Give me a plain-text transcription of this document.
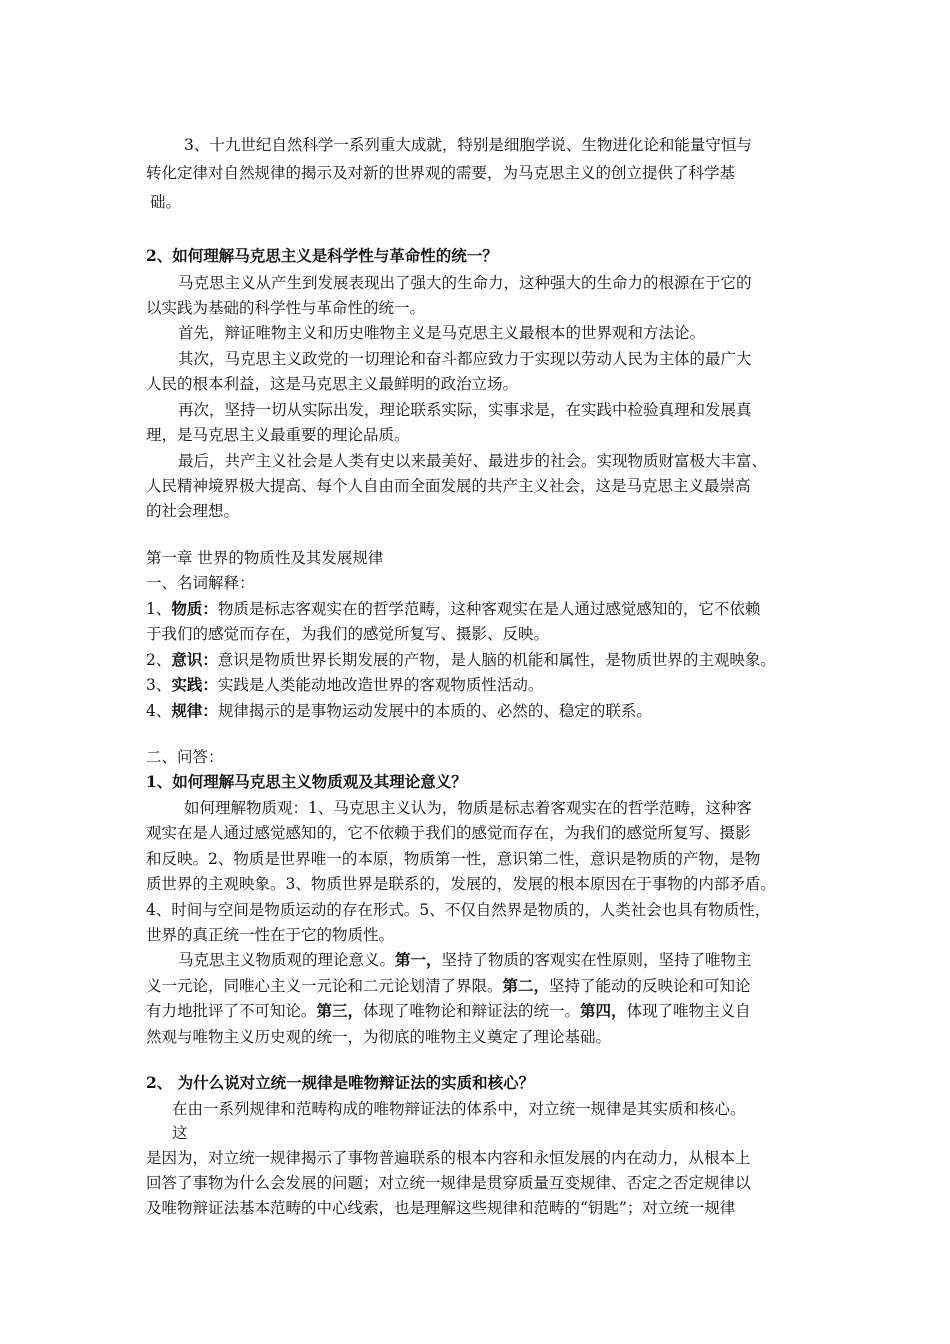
3、十九世纪自然科学一系列重大成就，特别是细胞学说、生物进化论和能量守恒与
转化定律对自然规律的揭示及对新的世界观的需要，为马克思主义的创立提供了科学基
础。
2、如何理解马克思主义是科学性与革命性的统一？
马克思主义从产生到发展表现出了强大的生命力，这种强大的生命力的根源在于它的
以实践为基础的科学性与革命性的统一。
首先，辩证唯物主义和历史唯物主义是马克思主义最根本的世界观和方法论。
其次，马克思主义政党的一切理论和奋斗都应致力于实现以劳动人民为主体的最广大
人民的根本利益，这是马克思主义最鲜明的政治立场。
再次，坚持一切从实际出发，理论联系实际，实事求是，在实践中检验真理和发展真
理，是马克思主义最重要的理论品质。
最后，共产主义社会是人类有史以来最美好、最进步的社会。实现物质财富极大丰富、
人民精神境界极大提高、每个人自由而全面发展的共产主义社会，这是马克思主义最崇高
的社会理想。
第一章 世界的物质性及其发展规律
一、名词解释：
1、物质：物质是标志客观实在的哲学范畴，这种客观实在是人通过感觉感知的，它不依赖
于我们的感觉而存在，为我们的感觉所复写、摄影、反映。
2、意识：意识是物质世界长期发展的产物，是人脑的机能和属性，是物质世界的主观映象。
3、实践：实践是人类能动地改造世界的客观物质性活动。
4、规律：规律揭示的是事物运动发展中的本质的、必然的、稳定的联系。
二、问答：
1、如何理解马克思主义物质观及其理论意义？
如何理解物质观：1、马克思主义认为，物质是标志着客观实在的哲学范畴，这种客
观实在是人通过感觉感知的，它不依赖于我们的感觉而存在，为我们的感觉所复写、摄影
和反映。2、物质是世界唯一的本原，物质第一性，意识第二性，意识是物质的产物，是物
质世界的主观映象。3、物质世界是联系的，发展的，发展的根本原因在于事物的内部矛盾。
4、时间与空间是物质运动的存在形式。5、不仅自然界是物质的，人类社会也具有物质性，
世界的真正统一性在于它的物质性。
马克思主义物质观的理论意义。第一，坚持了物质的客观实在性原则，坚持了唯物主
义一元论，同唯心主义一元论和二元论划清了界限。第二，坚持了能动的反映论和可知论
有力地批评了不可知论。第三，体现了唯物论和辩证法的统一。第四，体现了唯物主义自
然观与唯物主义历史观的统一，为彻底的唯物主义奠定了理论基础。
2、 为什么说对立统一规律是唯物辩证法的实质和核心？
在由一系列规律和范畴构成的唯物辩证法的体系中，对立统一规律是其实质和核心。
这
是因为，对立统一规律揭示了事物普遍联系的根本内容和永恒发展的内在动力，从根本上
回答了事物为什么会发展的问题；对立统一规律是贯穿质量互变规律、否定之否定规律以
及唯物辩证法基本范畴的中心线索，也是理解这些规律和范畴的“钥匙”；对立统一规律
